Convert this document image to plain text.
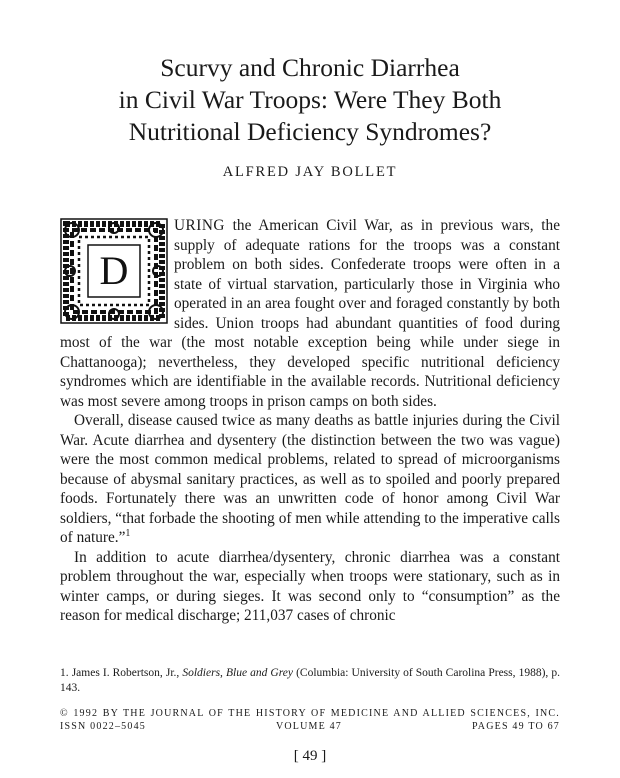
Scurvy and Chronic Diarrhea
in Civil War Troops: Were They Both
Nutritional Deficiency Syndromes?
ALFRED JAY BOLLET

D
URING the American Civil War, as in previous wars, the supply of adequate rations for the troops was a constant problem on both sides. Confederate troops were often in a state of virtual starvation, particularly those in Virginia who operated in an area fought over and foraged constantly by both sides. Union troops had abundant quantities of food during most of the war (the most notable exception being while under siege in Chattanooga); nevertheless, they developed specific nutritional deficiency syndromes which are identifiable in the available records. Nutritional deficiency was most severe among troops in prison camps on both sides.

Overall, disease caused twice as many deaths as battle injuries during the Civil War. Acute diarrhea and dysentery (the distinction between the two was vague) were the most common medical problems, related to spread of microorganisms because of abysmal sanitary practices, as well as to spoiled and poorly prepared foods. Fortunately there was an unwritten code of honor among Civil War soldiers, “that forbade the shooting of men while attending to the imperative calls of nature.”$^1$

In addition to acute diarrhea/dysentery, chronic diarrhea was a constant problem throughout the war, especially when troops were stationary, such as in winter camps, or during sieges. It was second only to “consumption” as the reason for medical discharge; 211,037 cases of chronic

1. James I. Robertson, Jr., Soldiers, Blue and Grey (Columbia: University of South Carolina Press, 1988), p. 143.
© 1992 BY THE JOURNAL OF THE HISTORY OF MEDICINE AND ALLIED SCIENCES, INC.
ISSN 0022–5045	VOLUME 47	PAGES 49 TO 67
[ 49 ]
